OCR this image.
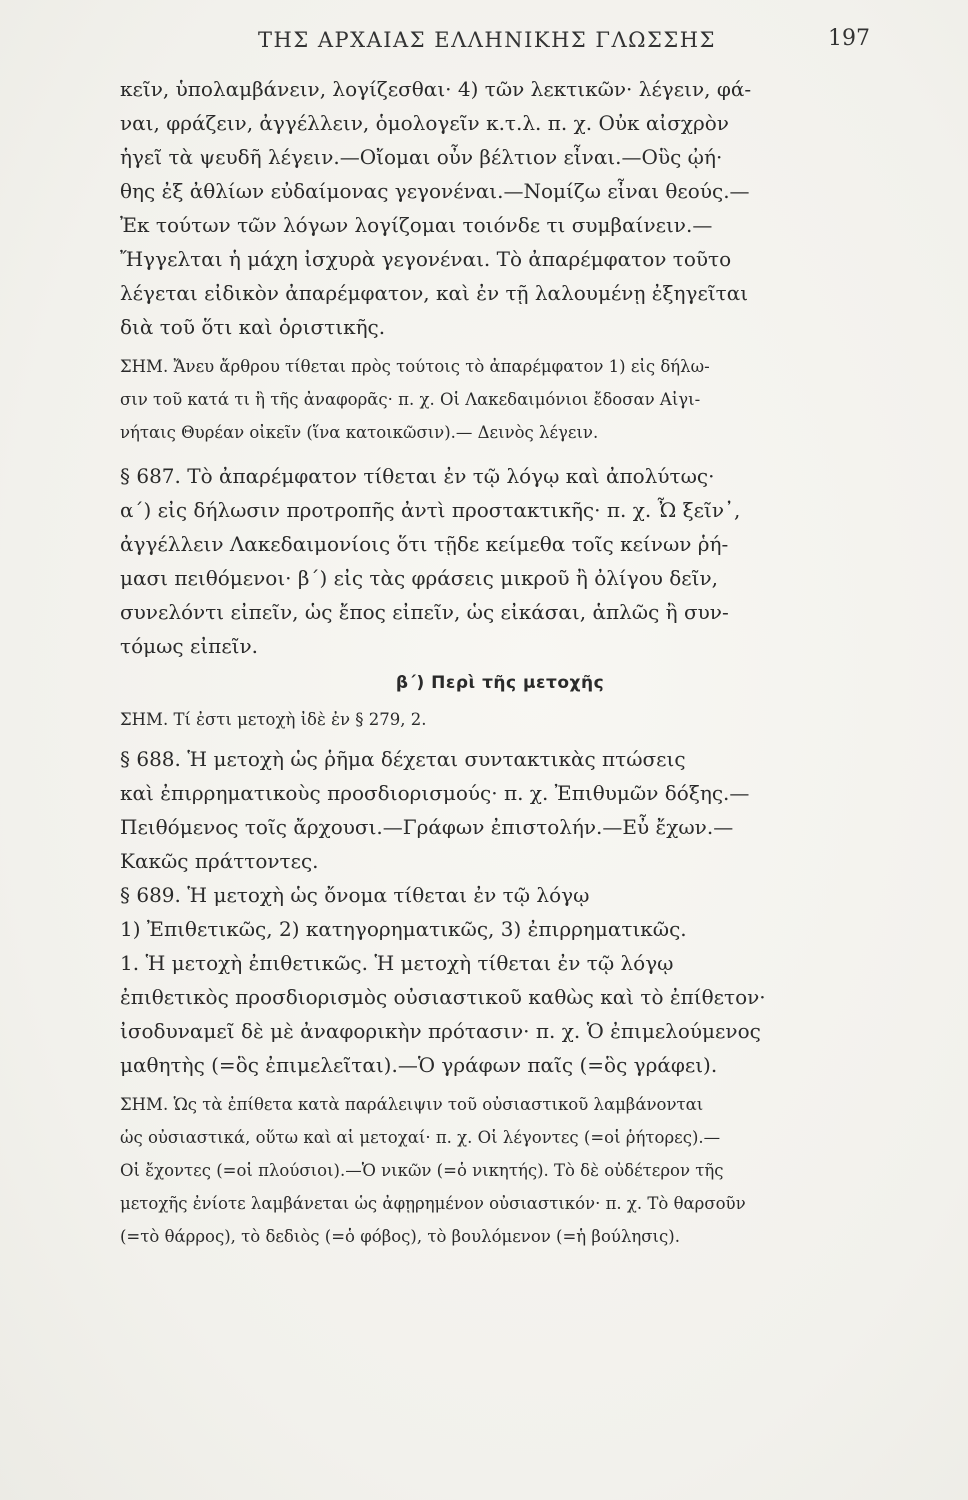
ΤΗΣ ΑΡΧΑΙΑΣ ΕΛΛΗΝΙΚΗΣ ΓΛΩΣΣΗΣ	197
κεῖν, ὑπολαμβάνειν, λογίζεσθαι· 4) τῶν λεκτικῶν· λέγειν, φά-
ναι, φράζειν, ἀγγέλλειν, ὁμολογεῖν κ.τ.λ. π. χ. Οὐκ αἰσχρὸν
ἡγεῖ τὰ ψευδῆ λέγειν.—Οἴομαι οὖν βέλτιον εἶναι.—Οὓς ᾠή·
θης ἐξ ἀθλίων εὐδαίμονας γεγονέναι.—Νομίζω εἶναι θεούς.—
Ἐκ τούτων τῶν λόγων λογίζομαι τοιόνδε τι συμβαίνειν.—
Ἤγγελται ἡ μάχη ἰσχυρὰ γεγονέναι. Τὸ ἀπαρέμφατον τοῦτο
λέγεται εἰδικὸν ἀπαρέμφατον, καὶ ἐν τῇ λαλουμένῃ ἐξηγεῖται
διὰ τοῦ ὅτι καὶ ὁριστικῆς.
ΣΗΜ. Ἄνευ ἄρθρου τίθεται πρὸς τούτοις τὸ ἀπαρέμφατον 1) εἰς δήλω-
σιν τοῦ κατά τι ἢ τῆς ἀναφορᾶς· π. χ. Οἱ Λακεδαιμόνιοι ἔδοσαν Αἰγι-
νήταις Θυρέαν οἰκεῖν (ἵνα κατοικῶσιν).— Δεινὸς λέγειν.
§ 687. Τὸ ἀπαρέμφατον τίθεται ἐν τῷ λόγῳ καὶ ἀπολύτως·
α΄) εἰς δήλωσιν προτροπῆς ἀντὶ προστακτικῆς· π. χ. Ὦ ξεῖν᾽,
ἀγγέλλειν Λακεδαιμονίοις ὅτι τῇδε κείμεθα τοῖς κείνων ῥή-
μασι πειθόμενοι· β΄) εἰς τὰς φράσεις μικροῦ ἢ ὀλίγου δεῖν,
συνελόντι εἰπεῖν, ὡς ἔπος εἰπεῖν, ὡς εἰκάσαι, ἁπλῶς ἢ συν-
τόμως εἰπεῖν.
β΄) Περὶ τῆς μετοχῆς
ΣΗΜ. Τί ἐστι μετοχὴ ἰδὲ ἐν § 279, 2.
§ 688. Ἡ μετοχὴ ὡς ῥῆμα δέχεται συντακτικὰς πτώσεις
καὶ ἐπιρρηματικοὺς προσδιορισμούς· π. χ. Ἐπιθυμῶν δόξης.—
Πειθόμενος τοῖς ἄρχουσι.—Γράφων ἐπιστολήν.—Εὖ ἔχων.—
Κακῶς πράττοντες.
§ 689. Ἡ μετοχὴ ὡς ὄνομα τίθεται ἐν τῷ λόγῳ
1) Ἐπιθετικῶς, 2) κατηγορηματικῶς, 3) ἐπιρρηματικῶς.
1. Ἡ μετοχὴ ἐπιθετικῶς. Ἡ μετοχὴ τίθεται ἐν τῷ λόγῳ
ἐπιθετικὸς προσδιορισμὸς οὐσιαστικοῦ καθὼς καὶ τὸ ἐπίθετον·
ἰσοδυναμεῖ δὲ μὲ ἀναφορικὴν πρότασιν· π. χ. Ὁ ἐπιμελούμενος
μαθητὴς (=ὃς ἐπιμελεῖται).—Ὁ γράφων παῖς (=ὃς γράφει).
ΣΗΜ. Ὡς τὰ ἐπίθετα κατὰ παράλειψιν τοῦ οὐσιαστικοῦ λαμβάνονται
ὡς οὐσιαστικά, οὕτω καὶ αἱ μετοχαί· π. χ. Οἱ λέγοντες (=οἱ ῥήτορες).—
Οἱ ἔχοντες (=οἱ πλούσιοι).—Ὁ νικῶν (=ὁ νικητής). Τὸ δὲ οὐδέτερον τῆς
μετοχῆς ἐνίοτε λαμβάνεται ὡς ἀφῃρημένον οὐσιαστικόν· π. χ. Τὸ θαρσοῦν
(=τὸ θάρρος), τὸ δεδιὸς (=ὁ φόβος), τὸ βουλόμενον (=ἡ βούλησις).
